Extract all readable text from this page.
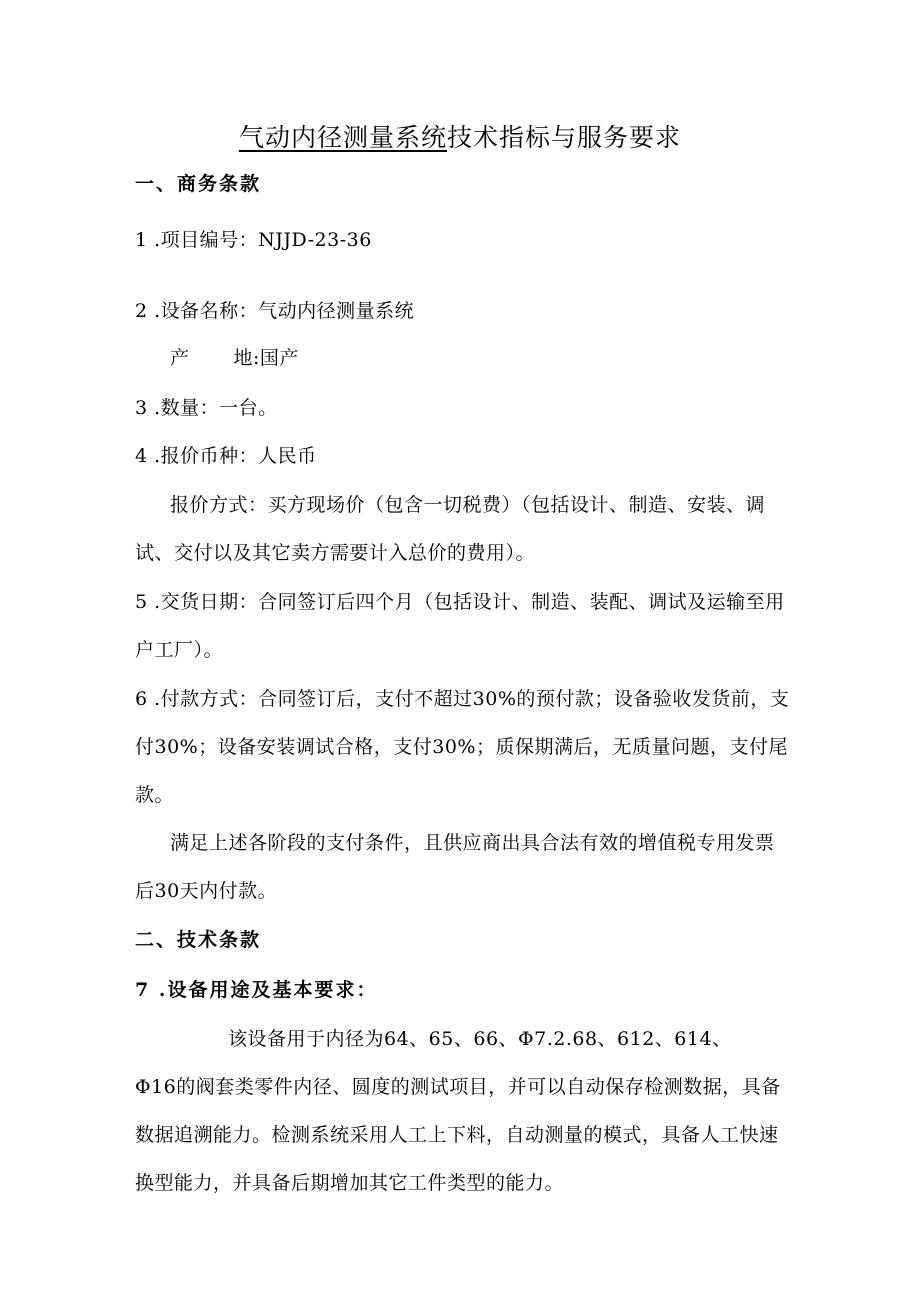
气动内径测量系统技术指标与服务要求
一、商务条款
1 .项目编号：NJJD-23-36
2 .设备名称：气动内径测量系统
产 地:国产
3 .数量：一台。
4 .报价币种：人民币
报价方式：买方现场价（包含一切税费）（包括设计、制造、安装、调
试、交付以及其它卖方需要计入总价的费用）。
5 .交货日期：合同签订后四个月（包括设计、制造、装配、调试及运输至用
户工厂）。
6 .付款方式：合同签订后，支付不超过30%的预付款；设备验收发货前，支
付30%；设备安装调试合格，支付30%；质保期满后，无质量问题，支付尾
款。
满足上述各阶段的支付条件，且供应商出具合法有效的增值税专用发票
后30天内付款。
二、技术条款
7 .设备用途及基本要求：
该设备用于内径为64、65、66、Φ7.2.68、612、614、
Φ16的阀套类零件内径、圆度的测试项目，并可以自动保存检测数据，具备
数据追溯能力。检测系统采用人工上下料，自动测量的模式，具备人工快速
换型能力，并具备后期增加其它工件类型的能力。
